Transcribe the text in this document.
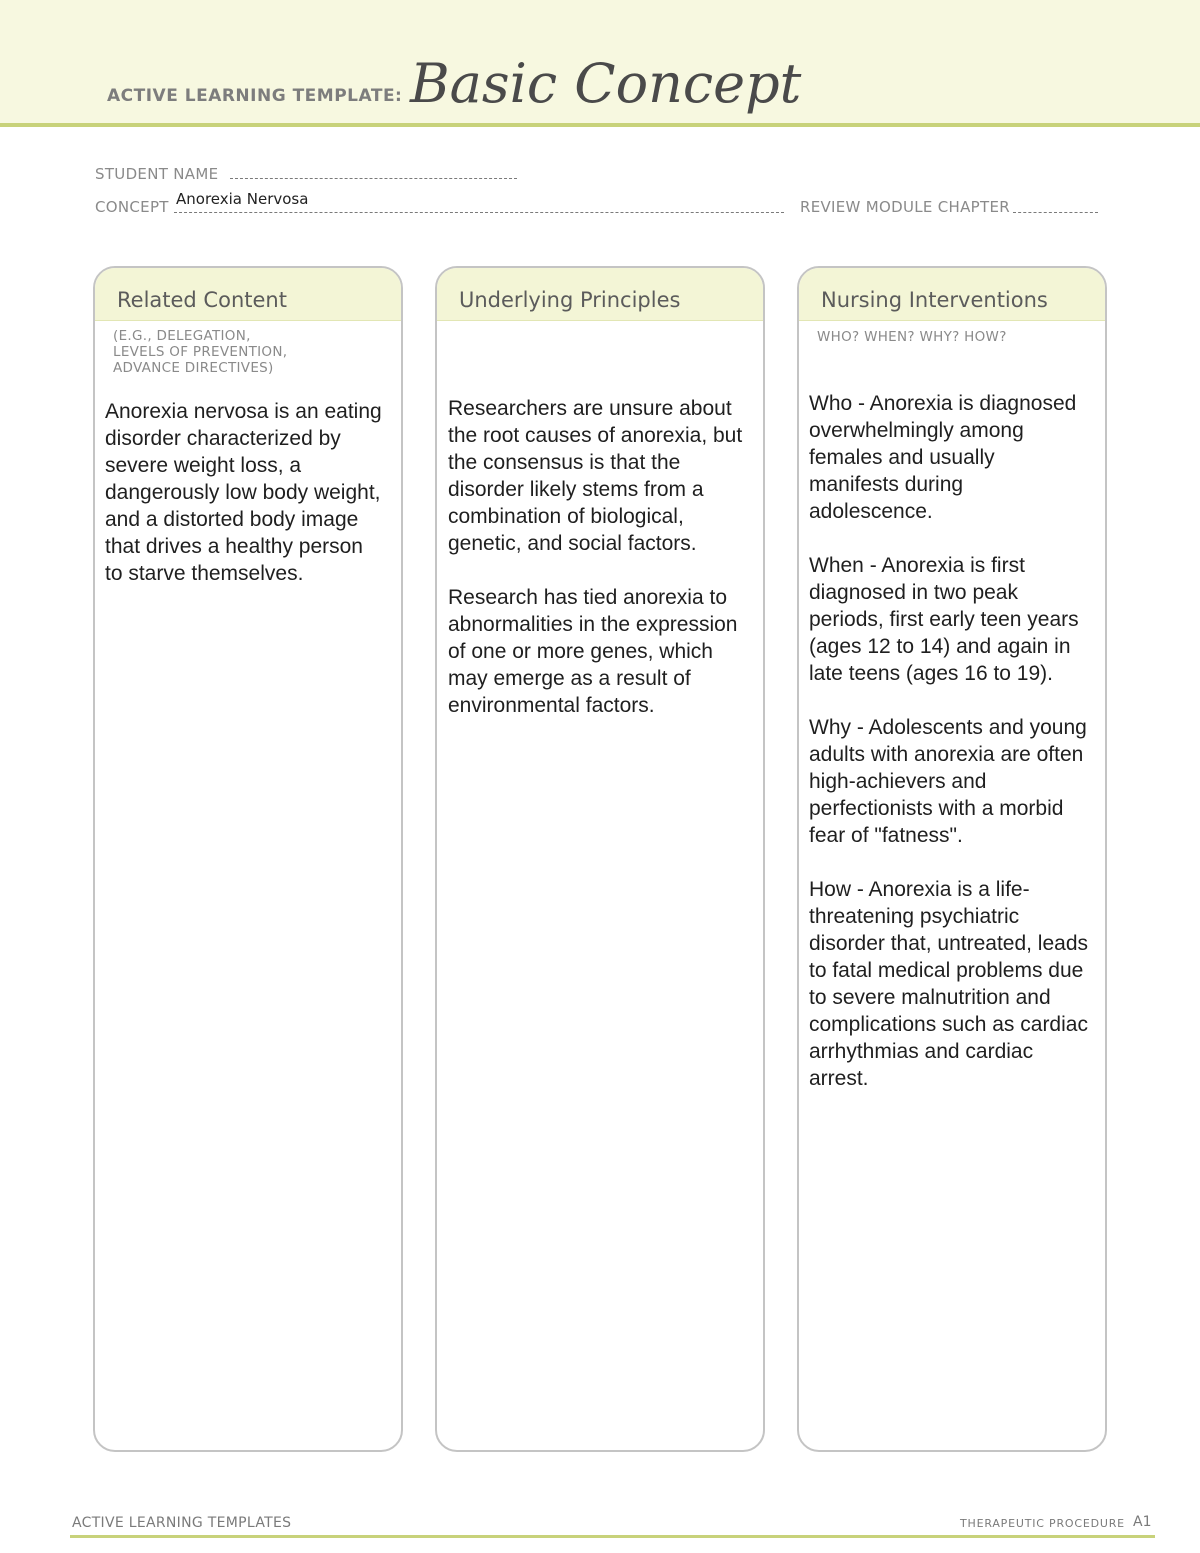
ACTIVE LEARNING TEMPLATE: Basic Concept
STUDENT NAME
CONCEPT Anorexia Nervosa	REVIEW MODULE CHAPTER
Related Content
(E.G., DELEGATION,
LEVELS OF PREVENTION,
ADVANCE DIRECTIVES)

Anorexia nervosa is an eating disorder characterized by severe weight loss, a dangerously low body weight, and a distorted body image that drives a healthy person to starve themselves.

Underlying Principles

Researchers are unsure about the root causes of anorexia, but the consensus is that the disorder likely stems from a combination of biological, genetic, and social factors.

Research has tied anorexia to abnormalities in the expression of one or more genes, which may emerge as a result of environmental factors.

Nursing Interventions
WHO? WHEN? WHY? HOW?

Who - Anorexia is diagnosed overwhelmingly among females and usually manifests during adolescence.

When - Anorexia is first diagnosed in two peak periods, first early teen years (ages 12 to 14) and again in late teens (ages 16 to 19).

Why - Adolescents and young adults with anorexia are often high-achievers and perfectionists with a morbid fear of "fatness".

How - Anorexia is a life-threatening psychiatric disorder that, untreated, leads to fatal medical problems due to severe malnutrition and complications such as cardiac arrhythmias and cardiac arrest.

ACTIVE LEARNING TEMPLATES	THERAPEUTIC PROCEDURE A1
